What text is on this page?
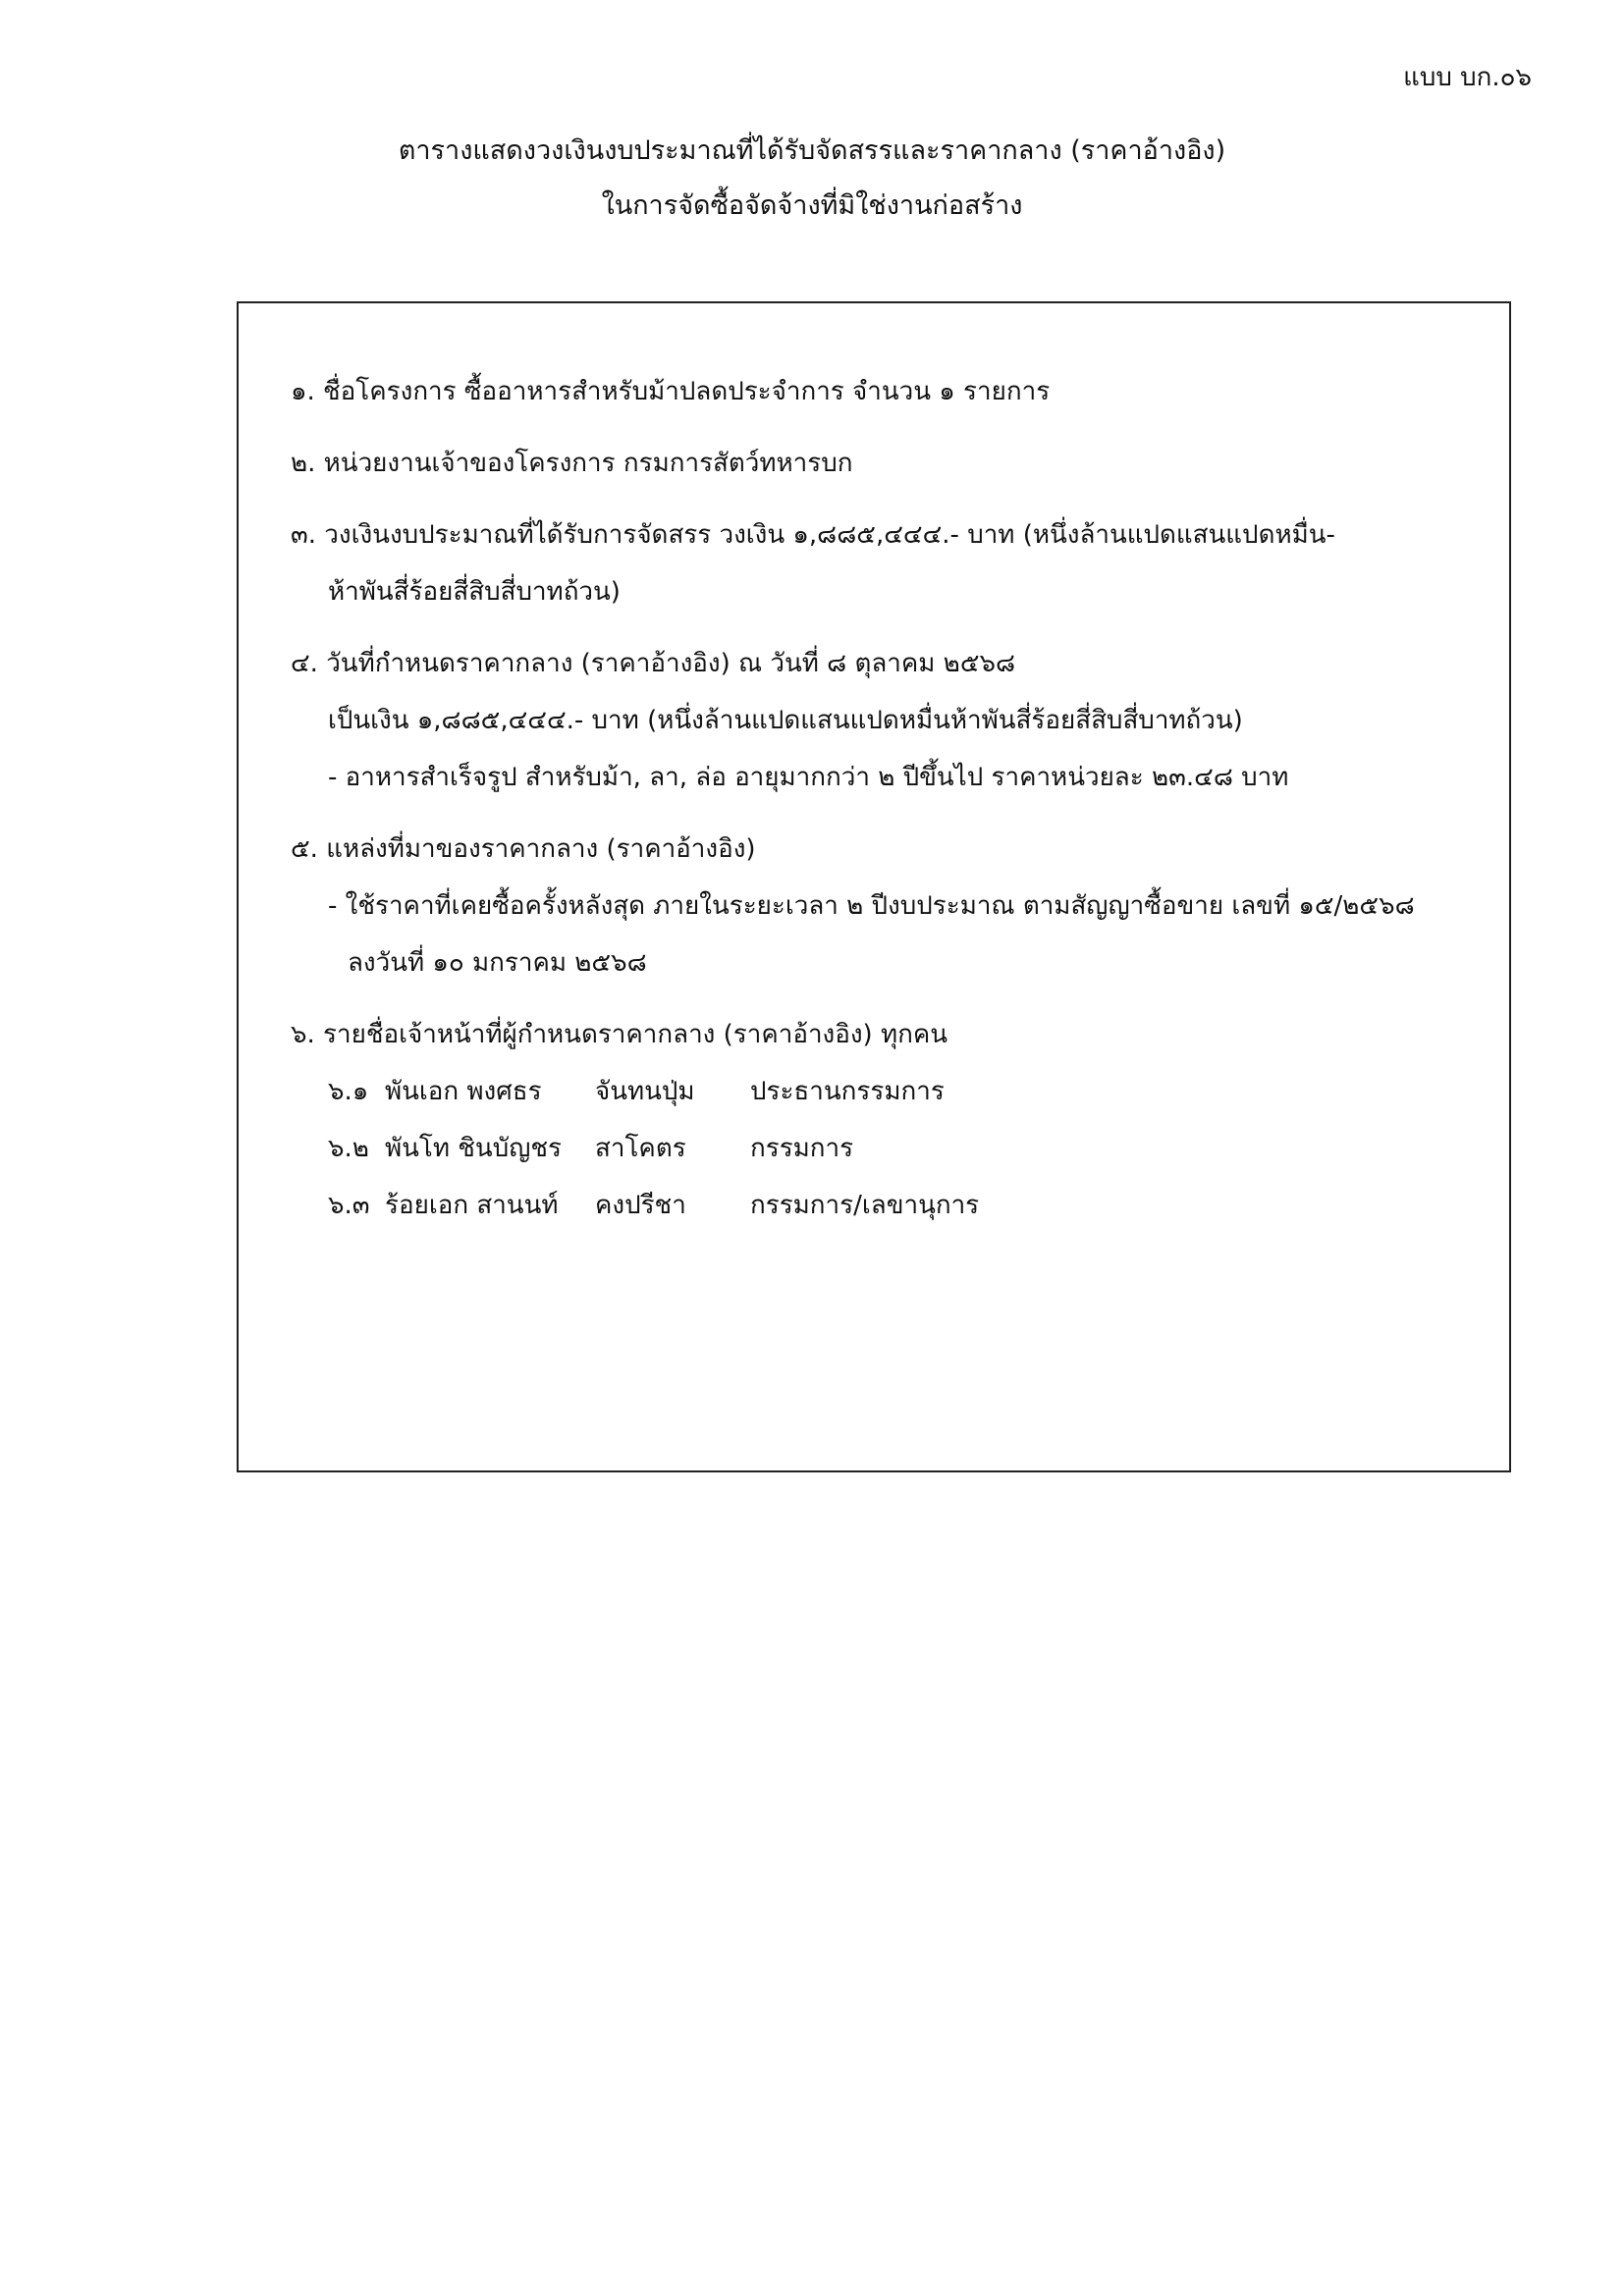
แบบ บก.๐๖
ตารางแสดงวงเงินงบประมาณที่ได้รับจัดสรรและราคากลาง (ราคาอ้างอิง)
ในการจัดซื้อจัดจ้างที่มิใช่งานก่อสร้าง
๑. ชื่อโครงการ ซื้ออาหารสำหรับม้าปลดประจำการ จำนวน ๑ รายการ
๒. หน่วยงานเจ้าของโครงการ กรมการสัตว์ทหารบก
๓. วงเงินงบประมาณที่ได้รับการจัดสรร วงเงิน ๑,๘๘๕,๔๔๔.- บาท (หนึ่งล้านแปดแสนแปดหมื่น-
ห้าพันสี่ร้อยสี่สิบสี่บาทถ้วน)
๔. วันที่กำหนดราคากลาง (ราคาอ้างอิง) ณ วันที่ ๘ ตุลาคม ๒๕๖๘
เป็นเงิน ๑,๘๘๕,๔๔๔.- บาท (หนึ่งล้านแปดแสนแปดหมื่นห้าพันสี่ร้อยสี่สิบสี่บาทถ้วน)
- อาหารสำเร็จรูป สำหรับม้า, ลา, ล่อ อายุมากกว่า ๒ ปีขึ้นไป ราคาหน่วยละ ๒๓.๔๘ บาท
๕. แหล่งที่มาของราคากลาง (ราคาอ้างอิง)
- ใช้ราคาที่เคยซื้อครั้งหลังสุด ภายในระยะเวลา ๒ ปีงบประมาณ ตามสัญญาซื้อขาย เลขที่ ๑๕/๒๕๖๘
ลงวันที่ ๑๐ มกราคม ๒๕๖๘
๖. รายชื่อเจ้าหน้าที่ผู้กำหนดราคากลาง (ราคาอ้างอิง) ทุกคน
๖.๑ พันเอก พงศธร	จันทนปุ่ม	ประธานกรรมการ
๖.๒ พันโท ชินบัญชร	สาโคตร	กรรมการ
๖.๓ ร้อยเอก สานนท์	คงปรีชา	กรรมการ/เลขานุการ
